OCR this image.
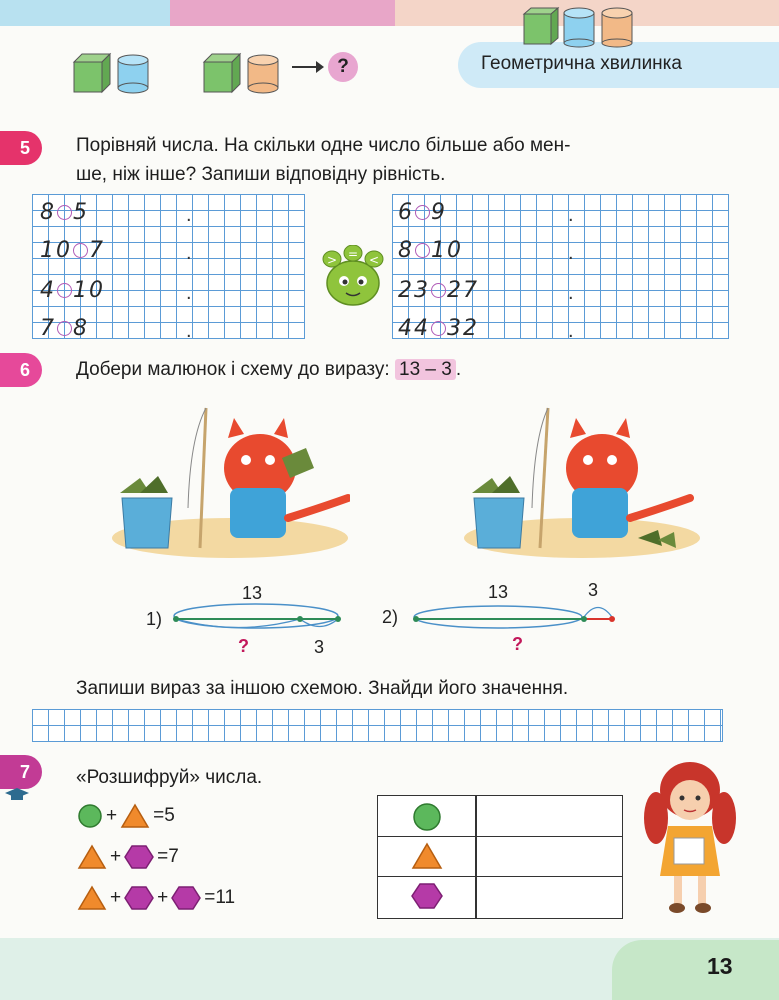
?	Геометрична хвилинка
5 Порівняй числа. На скільки одне число більше або мен-
ше, ніж інше? Запиши відповідну рівність.
8 5
10 7
4 10
7 8
.
.
.
.
6 9
8 10
23 27
44 32
.
.
.
.
> = <
6 Добери малюнок і схему до виразу: 13 – 3 .
1)
13
3
?
2)
13	3
?
Запиши вираз за іншою схемою. Знайди його значення.
7 «Розшифруй» числа.
+ =5
+ =7
+ + =11
13
